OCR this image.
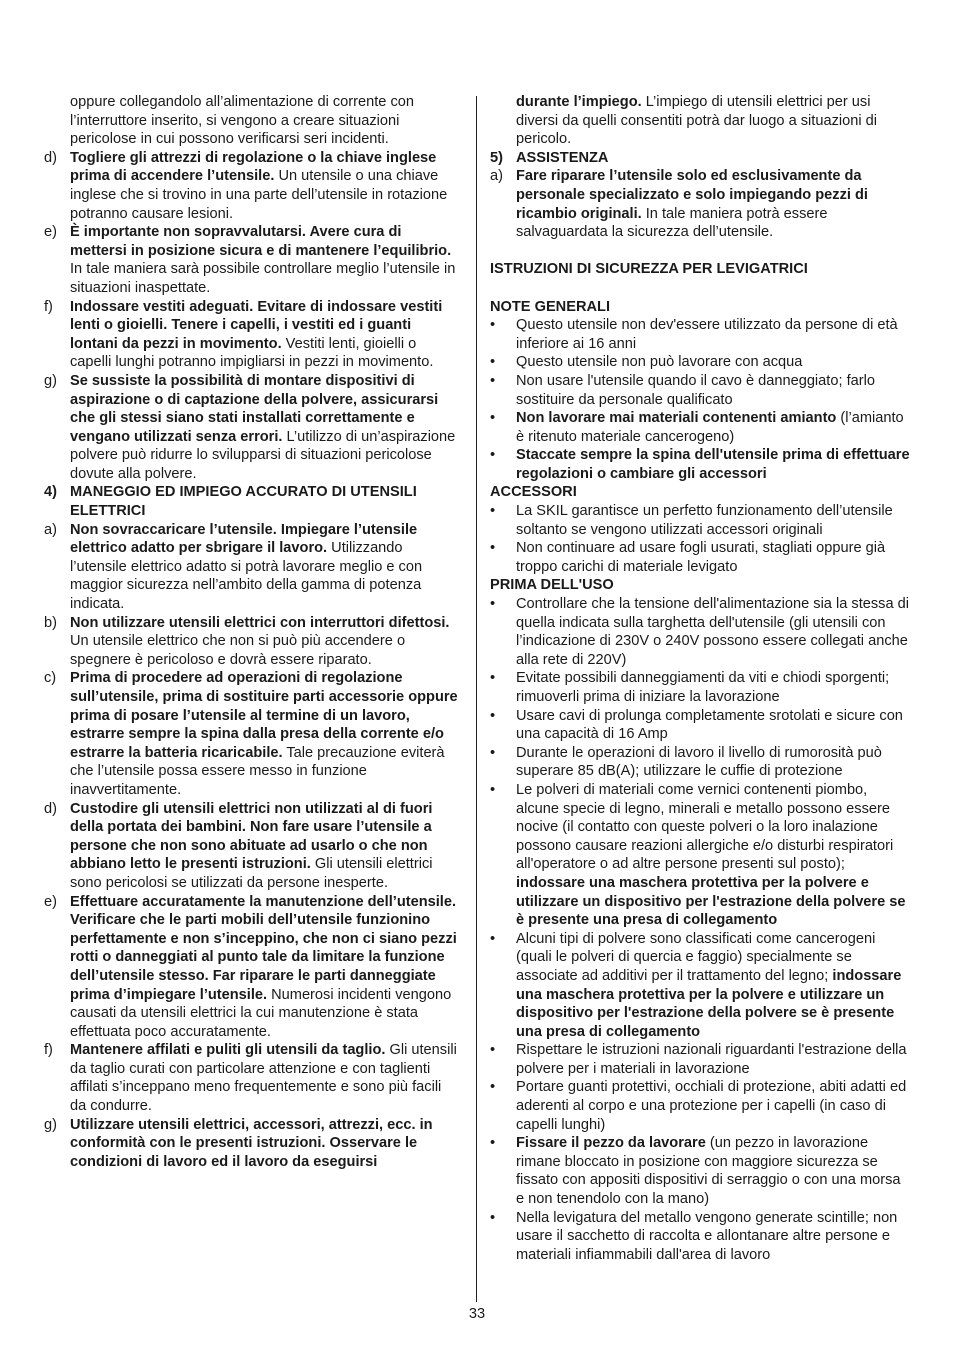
oppure collegandolo all’alimentazione di corrente con l’interruttore inserito, si vengono a creare situazioni pericolose in cui possono verificarsi seri incidenti.
d) Togliere gli attrezzi di regolazione o la chiave inglese prima di accendere l’utensile. Un utensile o una chiave inglese che si trovino in una parte dell’utensile in rotazione potranno causare lesioni.
e) È importante non sopravvalutarsi. Avere cura di mettersi in posizione sicura e di mantenere l’equilibrio. In tale maniera sarà possibile controllare meglio l’utensile in situazioni inaspettate.
f)	Indossare vestiti adeguati. Evitare di indossare vestiti lenti o gioielli. Tenere i capelli, i vestiti ed i guanti lontani da pezzi in movimento. Vestiti lenti, gioielli o capelli lunghi potranno impigliarsi in pezzi in movimento.
g) Se sussiste la possibilità di montare dispositivi di aspirazione o di captazione della polvere, assicurarsi che gli stessi siano stati installati correttamente e vengano utilizzati senza errori. L’utilizzo di un’aspirazione polvere può ridurre lo svilupparsi di situazioni pericolose dovute alla polvere.
4) MANEGGIO ED IMPIEGO ACCURATO DI UTENSILI ELETTRICI
a) Non sovraccaricare l’utensile. Impiegare l’utensile elettrico adatto per sbrigare il lavoro. Utilizzando l’utensile elettrico adatto si potrà lavorare meglio e con maggior sicurezza nell’ambito della gamma di potenza indicata.
b) Non utilizzare utensili elettrici con interruttori difettosi. Un utensile elettrico che non si può più accendere o spegnere è pericoloso e dovrà essere riparato.
c) Prima di procedere ad operazioni di regolazione sull’utensile, prima di sostituire parti accessorie oppure prima di posare l’utensile al termine di un lavoro, estrarre sempre la spina dalla presa della corrente e/o estrarre la batteria ricaricabile. Tale precauzione eviterà che l’utensile possa essere messo in funzione inavvertitamente.
d) Custodire gli utensili elettrici non utilizzati al di fuori della portata dei bambini. Non fare usare l’utensile a persone che non sono abituate ad usarlo o che non abbiano letto le presenti istruzioni. Gli utensili elettrici sono pericolosi se utilizzati da persone inesperte.
e) Effettuare accuratamente la manutenzione dell’utensile. Verificare che le parti mobili dell’utensile funzionino perfettamente e non s’inceppino, che non ci siano pezzi rotti o danneggiati al punto tale da limitare la funzione dell’utensile stesso. Far riparare le parti danneggiate prima d’impiegare l’utensile. Numerosi incidenti vengono causati da utensili elettrici la cui manutenzione è stata effettuata poco accuratamente.
f)	Mantenere affilati e puliti gli utensili da taglio. Gli utensili da taglio curati con particolare attenzione e con taglienti affilati s’inceppano meno frequentemente e sono più facili da condurre.
g) Utilizzare utensili elettrici, accessori, attrezzi, ecc. in conformità con le presenti istruzioni. Osservare le condizioni di lavoro ed il lavoro da eseguirsi
durante l’impiego. L’impiego di utensili elettrici per usi diversi da quelli consentiti potrà dar luogo a situazioni di pericolo.
5) ASSISTENZA
a) Fare riparare l’utensile solo ed esclusivamente da personale specializzato e solo impiegando pezzi di ricambio originali. In tale maniera potrà essere salvaguardata la sicurezza dell’utensile.
ISTRUZIONI DI SICUREZZA PER LEVIGATRICI
NOTE GENERALI
•	Questo utensile non dev'essere utilizzato da persone di età inferiore ai 16 anni
•	Questo utensile non può lavorare con acqua
•	Non usare l'utensile quando il cavo è danneggiato; farlo sostituire da personale qualificato
•	Non lavorare mai materiali contenenti amianto (l’amianto è ritenuto materiale cancerogeno)
•	Staccate sempre la spina dell'utensile prima di effettuare regolazioni o cambiare gli accessori
ACCESSORI
•	La SKIL garantisce un perfetto funzionamento dell’utensile soltanto se vengono utilizzati accessori originali
•	Non continuare ad usare fogli usurati, stagliati oppure già troppo carichi di materiale levigato
PRIMA DELL'USO
•	Controllare che la tensione dell'alimentazione sia la stessa di quella indicata sulla targhetta dell'utensile (gli utensili con l’indicazione di 230V o 240V possono essere collegati anche alla rete di 220V)
•	Evitate possibili danneggiamenti da viti e chiodi sporgenti; rimuoverli prima di iniziare la lavorazione
•	Usare cavi di prolunga completamente srotolati e sicure con una capacità di 16 Amp
•	Durante le operazioni di lavoro il livello di rumorosità può superare 85 dB(A); utilizzare le cuffie di protezione
•	Le polveri di materiali come vernici contenenti piombo, alcune specie di legno, minerali e metallo possono essere nocive (il contatto con queste polveri o la loro inalazione possono causare reazioni allergiche e/o disturbi respiratori all'operatore o ad altre persone presenti sul posto); indossare una maschera protettiva per la polvere e utilizzare un dispositivo per l'estrazione della polvere se è presente una presa di collegamento
•	Alcuni tipi di polvere sono classificati come cancerogeni (quali le polveri di quercia e faggio) specialmente se associate ad additivi per il trattamento del legno; indossare una maschera protettiva per la polvere e utilizzare un dispositivo per l'estrazione della polvere se è presente una presa di collegamento
•	Rispettare le istruzioni nazionali riguardanti l'estrazione della polvere per i materiali in lavorazione
•	Portare guanti protettivi, occhiali di protezione, abiti adatti ed aderenti al corpo e una protezione per i capelli (in caso di capelli lunghi)
•	Fissare il pezzo da lavorare (un pezzo in lavorazione rimane bloccato in posizione con maggiore sicurezza se fissato con appositi dispositivi di serraggio o con una morsa e non tenendolo con la mano)
•	Nella levigatura del metallo vengono generate scintille; non usare il sacchetto di raccolta e allontanare altre persone e materiali infiammabili dall'area di lavoro
33
